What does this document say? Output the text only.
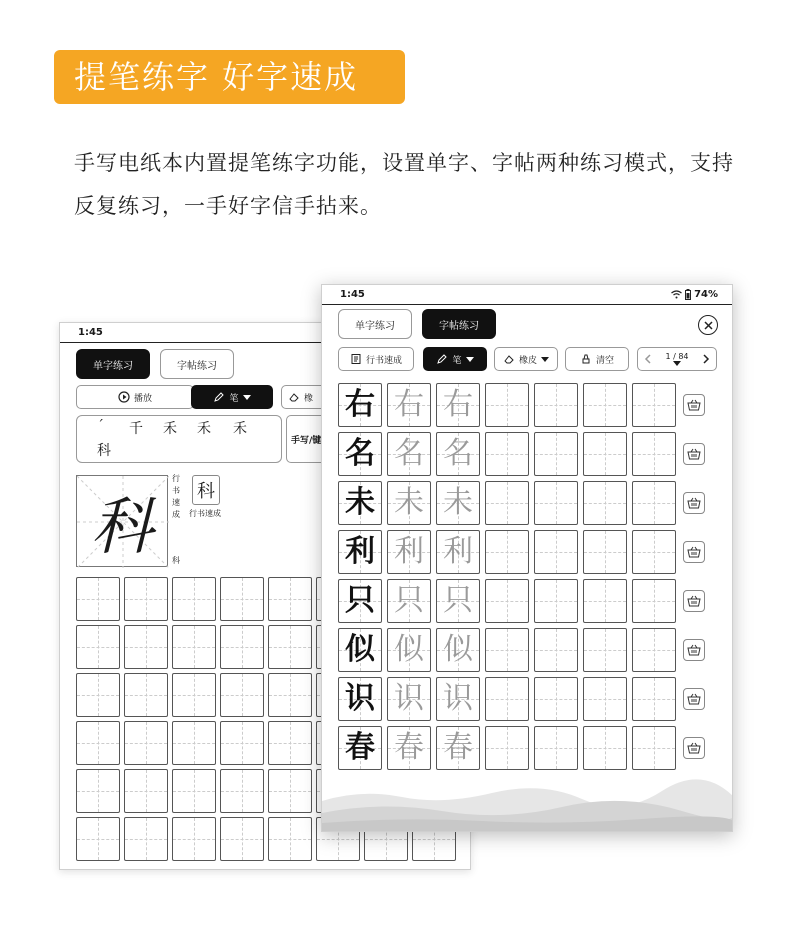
提笔练字 好字速成
手写电纸本内置提笔练字功能，设置单字、字帖两种练习模式，支持反复练习，一手好字信手拈来。
1:45
单字练习	字帖练习
播放	笔	橡
ˊ 千 禾 禾 禾
科
手写/键
科
行书速成
科
科
行书速成
1:45	74%
单字练习	字帖练习
行书速成	笔	橡皮	清空	1 / 84
右 右 右
名 名 名
未 未 未
利 利 利
只 只 只
似 似 似
识 识 识
春 春 春
